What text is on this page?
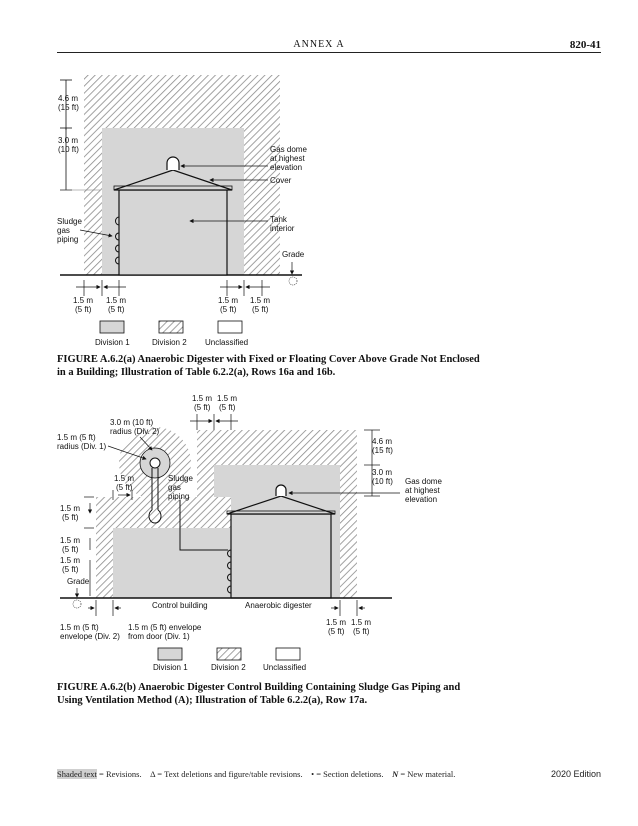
ANNEX A	820-41
4.6 m
(15 ft)
3.0 m
(10 ft)	Gas dome
at highest
elevation
Cover
Tank
interior
Grade
Sludge
gas
piping
1.5 m
(5 ft)
1.5 m
(5 ft)
1.5 m
(5 ft)
1.5 m
(5 ft)
Division 1	Division 2 Unclassified
1.5 m
(5 ft)
1.5 m
(5 ft)
3.0 m (10 ft)
radius (Div. 2)
1.5 m (5 ft)
radius (Div. 1)
4.6 m
(15 ft)
3.0 m
(10 ft) Gas dome
at highest
elevation
Sludge
gas
piping
1.5 m
(5 ft)
1.5 m
(5 ft)
1.5 m
(5 ft)
1.5 m
(5 ft)
Grade
Control building	Anaerobic digester
1.5 m (5 ft)
envelope (Div. 2)
1.5 m (5 ft) envelope
from door (Div. 1)
1.5 m
(5 ft)
1.5 m
(5 ft)
Division 1	Division 2 Unclassified
FIGURE A.6.2(a) Anaerobic Digester with Fixed or Floating Cover Above Grade Not Enclosed
in a Building; Illustration of Table 6.2.2(a), Rows 16a and 16b.
FIGURE A.6.2(b) Anaerobic Digester Control Building Containing Sludge Gas Piping and
Using Ventilation Method (A); Illustration of Table 6.2.2(a), Row 17a.
Shaded text = Revisions. Δ = Text deletions and figure/table revisions. • = Section deletions. N = New material.	2020 Edition
